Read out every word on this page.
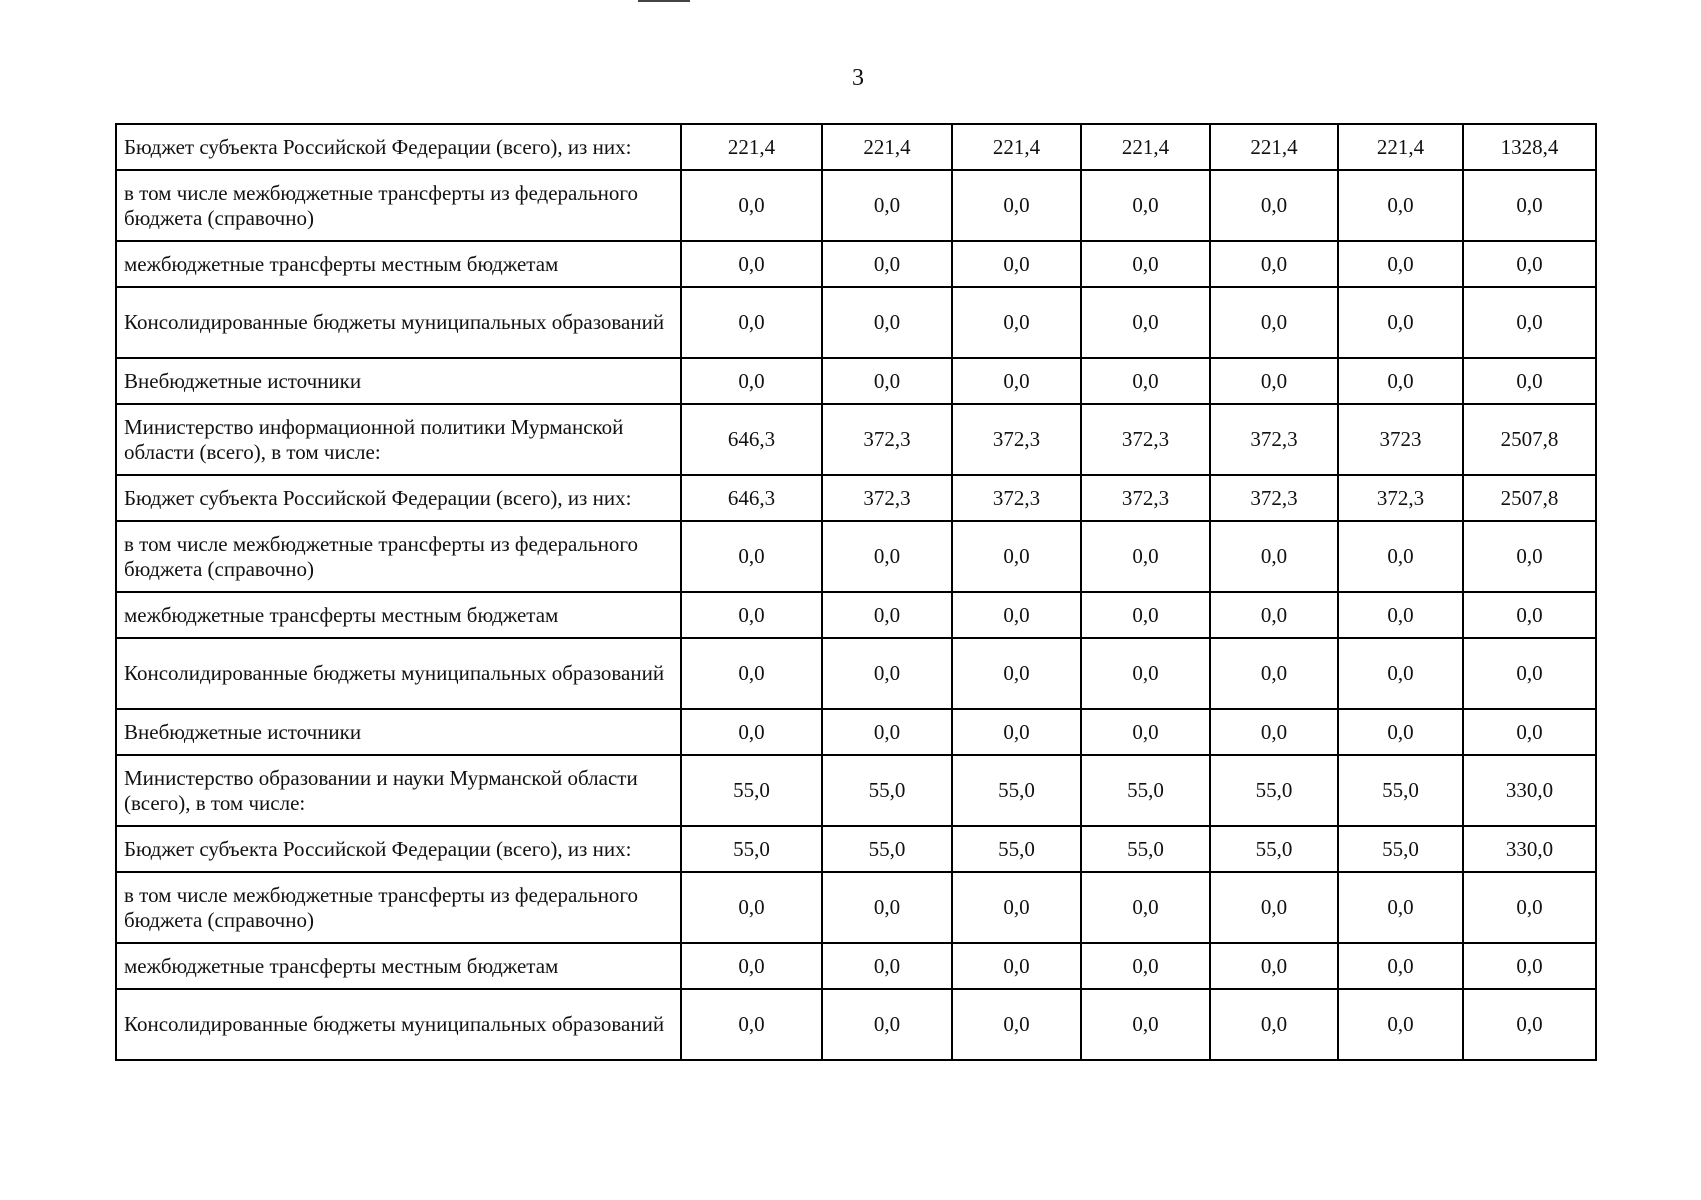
3
Бюджет субъекта Российской Федерации (всего), из них:	221,4	221,4	221,4	221,4	221,4	221,4	1328,4
в том числе межбюджетные трансферты из федерального бюджета (справочно)	0,0	0,0	0,0	0,0	0,0	0,0	0,0
межбюджетные трансферты местным бюджетам	0,0	0,0	0,0	0,0	0,0	0,0	0,0
Консолидированные бюджеты муниципальных образований	0,0	0,0	0,0	0,0	0,0	0,0	0,0
Внебюджетные источники	0,0	0,0	0,0	0,0	0,0	0,0	0,0
Министерство информационной политики Мурманской области (всего), в том числе:	646,3	372,3	372,3	372,3	372,3	3723	2507,8
Бюджет субъекта Российской Федерации (всего), из них:	646,3	372,3	372,3	372,3	372,3	372,3	2507,8
в том числе межбюджетные трансферты из федерального бюджета (справочно)	0,0	0,0	0,0	0,0	0,0	0,0	0,0
межбюджетные трансферты местным бюджетам	0,0	0,0	0,0	0,0	0,0	0,0	0,0
Консолидированные бюджеты муниципальных образований	0,0	0,0	0,0	0,0	0,0	0,0	0,0
Внебюджетные источники	0,0	0,0	0,0	0,0	0,0	0,0	0,0
Министерство образовании и науки Мурманской области (всего), в том числе:	55,0	55,0	55,0	55,0	55,0	55,0	330,0
Бюджет субъекта Российской Федерации (всего), из них:	55,0	55,0	55,0	55,0	55,0	55,0	330,0
в том числе межбюджетные трансферты из федерального бюджета (справочно)	0,0	0,0	0,0	0,0	0,0	0,0	0,0
межбюджетные трансферты местным бюджетам	0,0	0,0	0,0	0,0	0,0	0,0	0,0
Консолидированные бюджеты муниципальных образований	0,0	0,0	0,0	0,0	0,0	0,0	0,0
